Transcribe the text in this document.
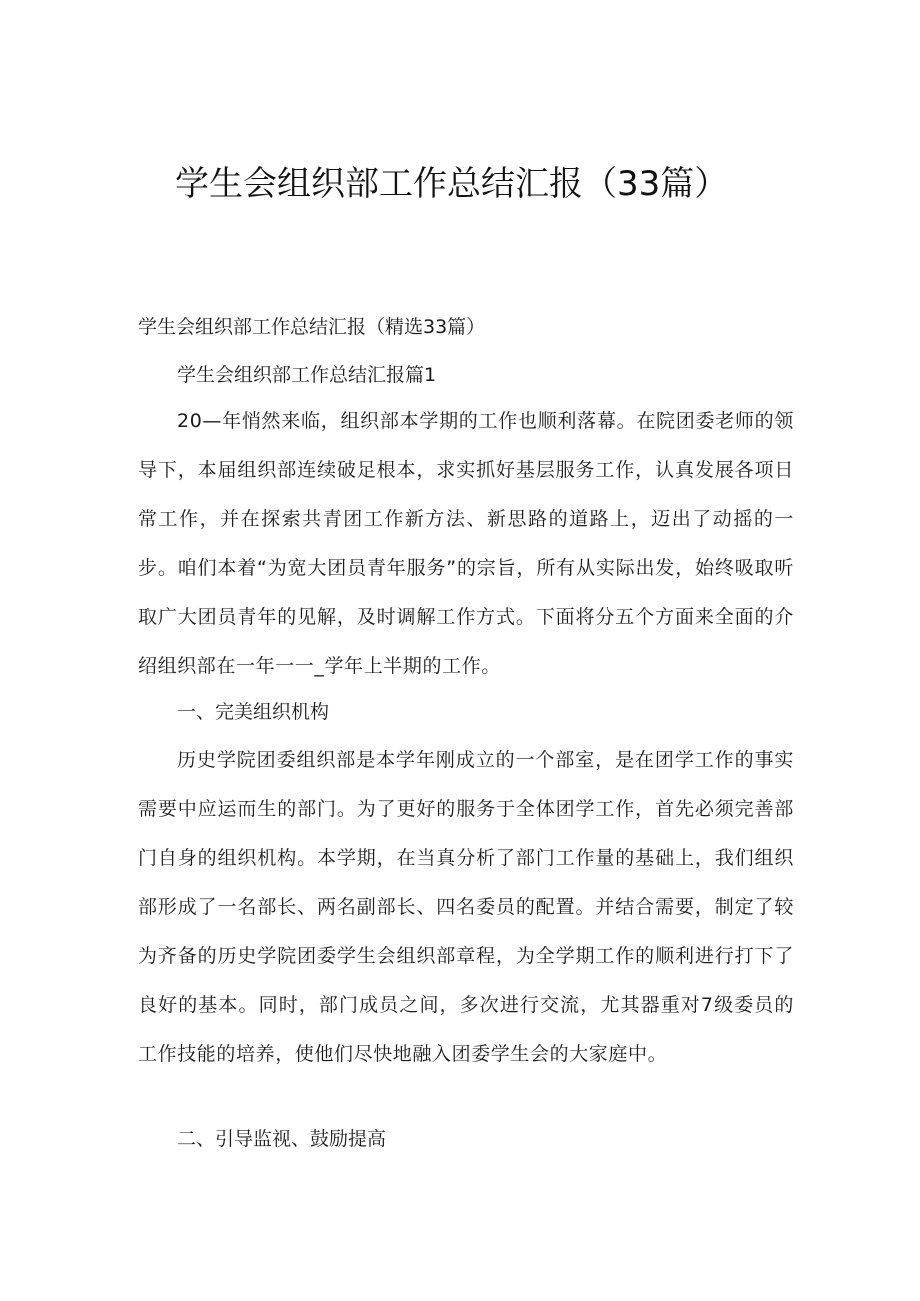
学生会组织部工作总结汇报（33篇）
学生会组织部工作总结汇报（精选33篇）
学生会组织部工作总结汇报篇1
20—年悄然来临，组织部本学期的工作也顺利落幕。在院团委老师的领导下，本届组织部连续破足根本，求实抓好基层服务工作，认真发展各项日常工作，并在探索共青团工作新方法、新思路的道路上，迈出了动摇的一步。咱们本着“为宽大团员青年服务”的宗旨，所有从实际出发，始终吸取听取广大团员青年的见解，及时调解工作方式。下面将分五个方面来全面的介绍组织部在一年一一_学年上半期的工作。
一、完美组织机构
历史学院团委组织部是本学年刚成立的一个部室，是在团学工作的事实需要中应运而生的部门。为了更好的服务于全体团学工作，首先必须完善部门自身的组织机构。本学期，在当真分析了部门工作量的基础上，我们组织部形成了一名部长、两名副部长、四名委员的配置。并结合需要，制定了较为齐备的历史学院团委学生会组织部章程，为全学期工作的顺利进行打下了良好的基本。同时，部门成员之间，多次进行交流，尤其器重对7级委员的工作技能的培养，使他们尽快地融入团委学生会的大家庭中。
二、引导监视、鼓励提高
